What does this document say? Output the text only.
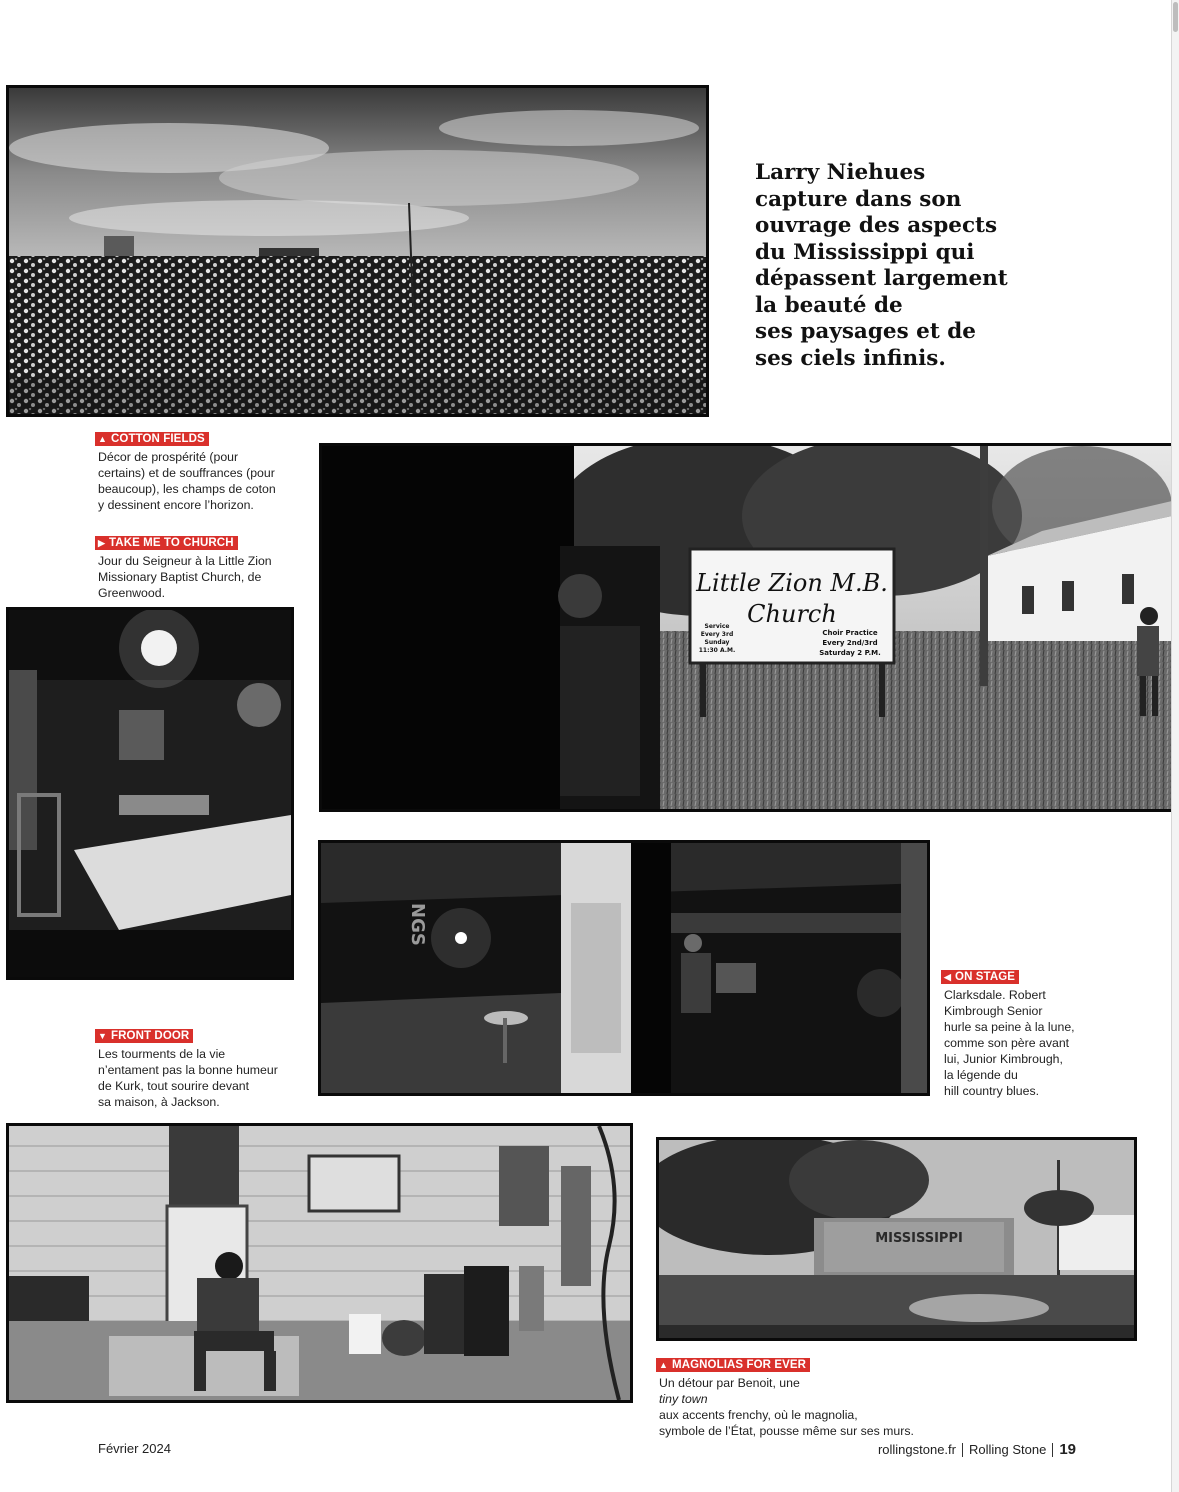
Larry Niehues
capture dans son
ouvrage des aspects
du Mississippi qui
dépassent largement
la beauté de
ses paysages et de
ses ciels infinis.
▲ COTTON FIELDS
Décor de prospérité (pour
certains) et de souffrances (pour
beaucoup), les champs de coton
y dessinent encore l’horizon.
▶ TAKE ME TO CHURCH
Jour du Seigneur à la Little Zion
Missionary Baptist Church, de
Greenwood.	Little Zion M.B.
Church
Service Every 3rd Sunday 11:30 A.M.
Choir Practice Every 2nd/3rd Saturday 2 P.M.
NGS
◀ ON STAGE
Clarksdale. Robert
Kimbrough Senior
hurle sa peine à la lune,
comme son père avant
lui, Junior Kimbrough,
la légende du
hill country blues.
▼ FRONT DOOR
Les tourments de la vie
n’entament pas la bonne humeur
de Kurk, tout sourire devant
sa maison, à Jackson.
MISSISSIPPI
▲ MAGNOLIAS FOR EVER
Un détour par Benoit, une
tiny town
aux accents frenchy, où le magnolia,
symbole de l’État, pousse même sur ses murs.
Février 2024	rollingstone.fr Rolling Stone 19
